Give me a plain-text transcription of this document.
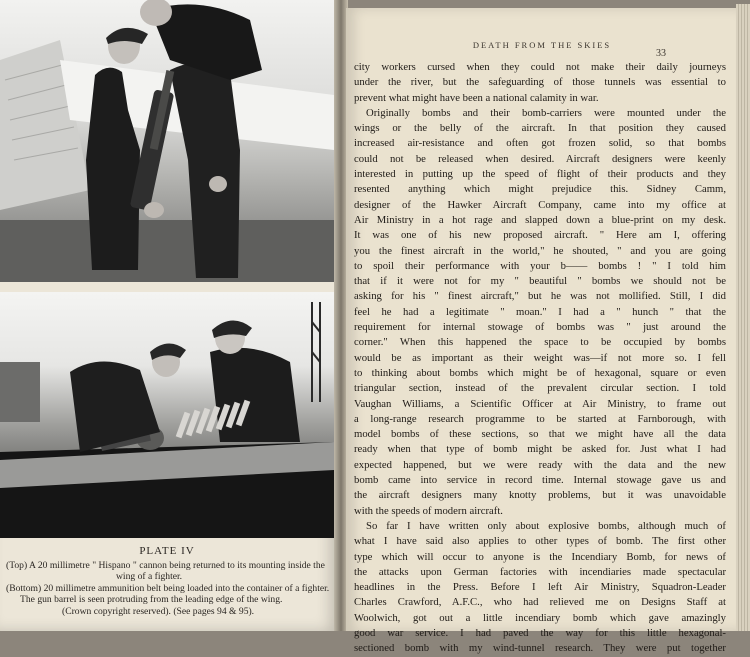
PLATE IV
(Top) A 20 millimetre " Hispano " cannon being returned to its mounting inside the
wing of a fighter.
(Bottom) 20 millimetre ammunition belt being loaded into the container of a fighter.
The gun barrel is seen protruding from the leading edge of the wing.
(Crown copyright reserved). (See pages 94 & 95).
DEATH FROM THE SKIES
33
city workers cursed when they could not make their daily journeys
under the river, but the safeguarding of those tunnels was essential to
prevent what might have been a national calamity in war.
Originally bombs and their bomb-carriers were mounted under the
wings or the belly of the aircraft. In that position they caused
increased air-resistance and often got frozen solid, so that bombs
could not be released when desired. Aircraft designers were keenly
interested in putting up the speed of flight of their products and they
resented anything which might prejudice this. Sidney Camm,
designer of the Hawker Aircraft Company, came into my office at
Air Ministry in a hot rage and slapped down a blue-print on my desk.
It was one of his new proposed aircraft. " Here am I, offering
you the finest aircraft in the world," he shouted, " and you are going
to spoil their performance with your b—— bombs ! " I told him
that if it were not for my " beautiful " bombs we should not be
asking for his " finest aircraft," but he was not mollified. Still, I did
feel he had a legitimate " moan." I had a " hunch " that the
requirement for internal stowage of bombs was " just around the
corner." When this happened the space to be occupied by bombs
would be as important as their weight was—if not more so. I fell
to thinking about bombs which might be of hexagonal, square or even
triangular section, instead of the prevalent circular section. I told
Vaughan Williams, a Scientific Officer at Air Ministry, to frame out
a long-range research programme to be started at Farnborough, with
model bombs of these sections, so that we might have all the data
ready when that type of bomb might be asked for. Just what I had
expected happened, but we were ready with the data and the new
bomb came into service in record time. Internal stowage gave us and
the aircraft designers many knotty problems, but it was unavoidable
with the speeds of modern aircraft.
So far I have written only about explosive bombs, although much of
what I have said also applies to other types of bomb. The first other
type which will occur to anyone is the Incendiary Bomb, for news of
the attacks upon German factories with incendiaries made spectacular
headlines in the Press. Before I left Air Ministry, Squadron-Leader
Charles Crawford, A.F.C., who had relieved me on Designs Staff at
Woolwich, got out a little incendiary bomb which gave amazingly
good war service. I had paved the way for this little hexagonal-
sectioned bomb with my wind-tunnel research. They were put together
